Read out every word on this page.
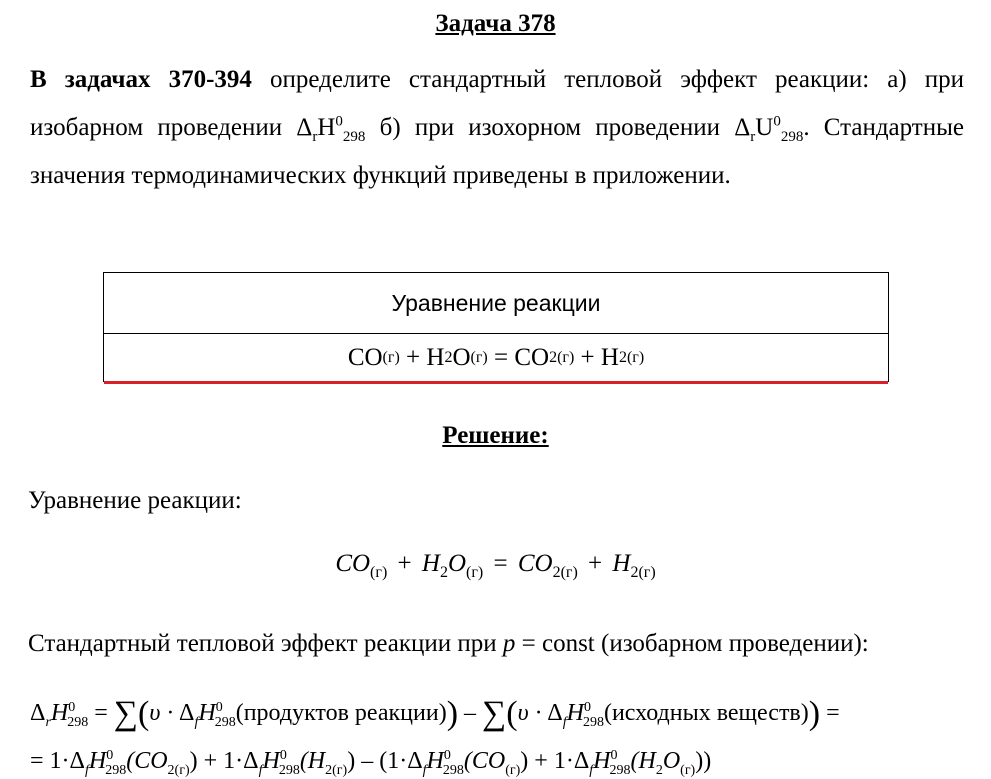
Задача 378
В задачах 370-394 определите стандартный тепловой эффект реакции: а) при изобарном проведении $\Delta_rH^0_{298}$ б) при изохорном проведении $\Delta_rU^0_{298}$. Стандартные значения термодинамических функций приведены в приложении.
Уравнение реакции
CO (г) + H 2 O (г) = CO 2(г) + H 2(г)
Решение:
Уравнение реакции:
$CO_{(г)} + H_2O_{(г)} = CO_{2(г)} + H_{2(г)}$
Стандартный тепловой эффект реакции при p = const (изобарном проведении):
$\Delta_rH^0_{298} = \sum(\upsilon$ · $\Delta_fH^0_{298}(продуктов$ реакции)) – $\sum(\upsilon \cdot \Delta_fH^0_{298}(исходных$ веществ)) =
= $1\cdot\Delta_fH^0_{298}(CO_{2(г)}) + 1\cdot\Delta_fH^0_{298}(H_{2(г)}) - (1\cdot\Delta_fH^0_{298}(CO_{(г)}) + 1\cdot\Delta_fH^0_{298}(H_2O_{(г)}))$
